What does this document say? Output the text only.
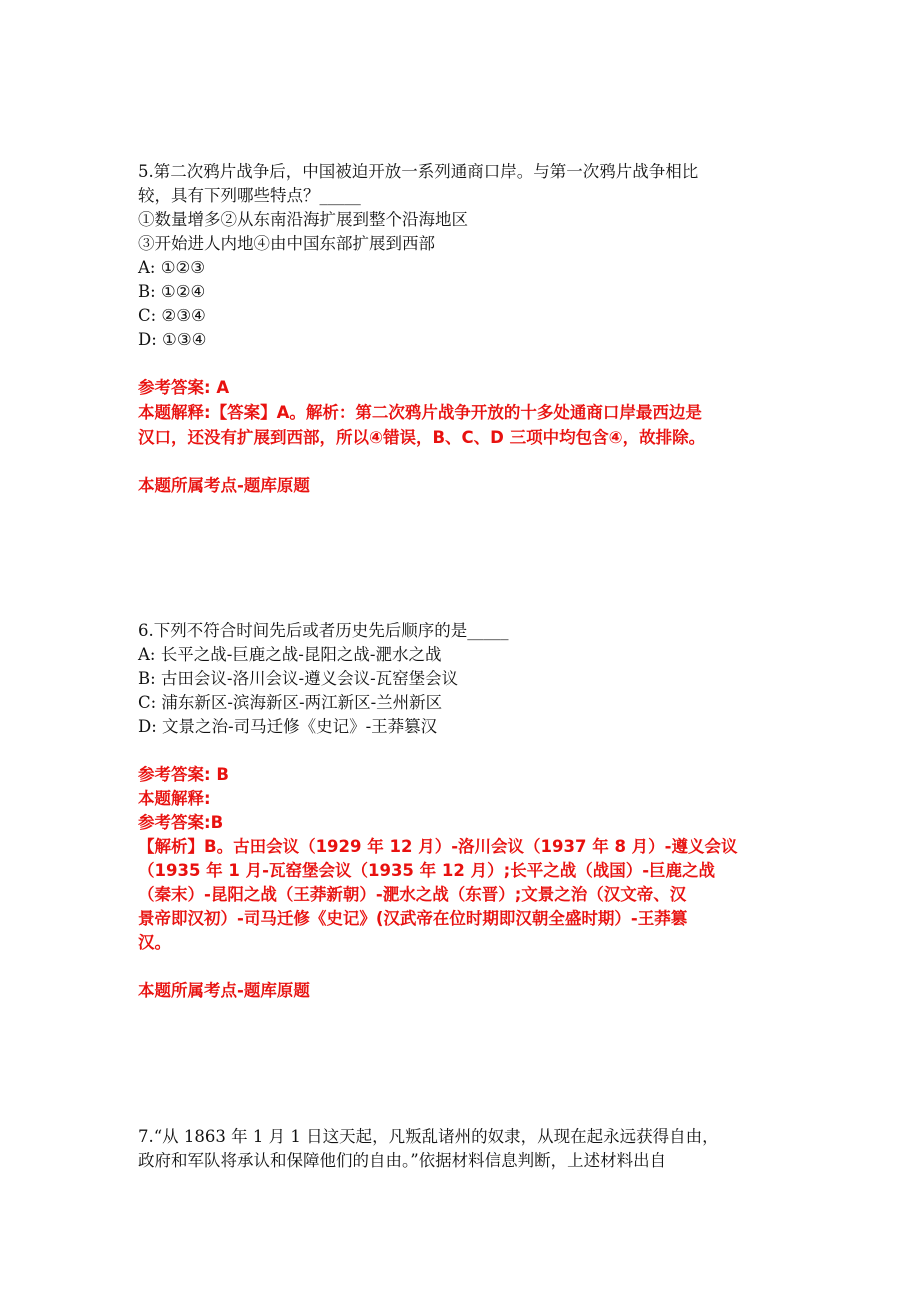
5.第二次鸦片战争后，中国被迫开放一系列通商口岸。与第一次鸦片战争相比
较，具有下列哪些特点？_____
①数量增多②从东南沿海扩展到整个沿海地区
③开始进人内地④由中国东部扩展到西部
A: ①②③
B: ①②④
C: ②③④
D: ①③④
参考答案: A
本题解释:【答案】A。解析：第二次鸦片战争开放的十多处通商口岸最西边是
汉口，还没有扩展到西部，所以④错误，B、C、D 三项中均包含④，故排除。
本题所属考点-题库原题
6.下列不符合时间先后或者历史先后顺序的是_____
A: 长平之战-巨鹿之战-昆阳之战-淝水之战
B: 古田会议-洛川会议-遵义会议-瓦窑堡会议
C: 浦东新区-滨海新区-两江新区-兰州新区
D: 文景之治-司马迁修《史记》-王莽篡汉
参考答案: B
本题解释:
参考答案:B
【解析】B。古田会议（1929 年 12 月）-洛川会议（1937 年 8 月）-遵义会议
（1935 年 1 月-瓦窑堡会议（1935 年 12 月）;长平之战（战国）-巨鹿之战
（秦末）-昆阳之战（王莽新朝）-淝水之战（东晋）;文景之治（汉文帝、汉
景帝即汉初）-司马迁修《史记》(汉武帝在位时期即汉朝全盛时期）-王莽篡
汉。
本题所属考点-题库原题
7.“从 1863 年 1 月 1 日这天起，凡叛乱诸州的奴隶，从现在起永远获得自由，
政府和军队将承认和保障他们的自由。”依据材料信息判断，上述材料出自
